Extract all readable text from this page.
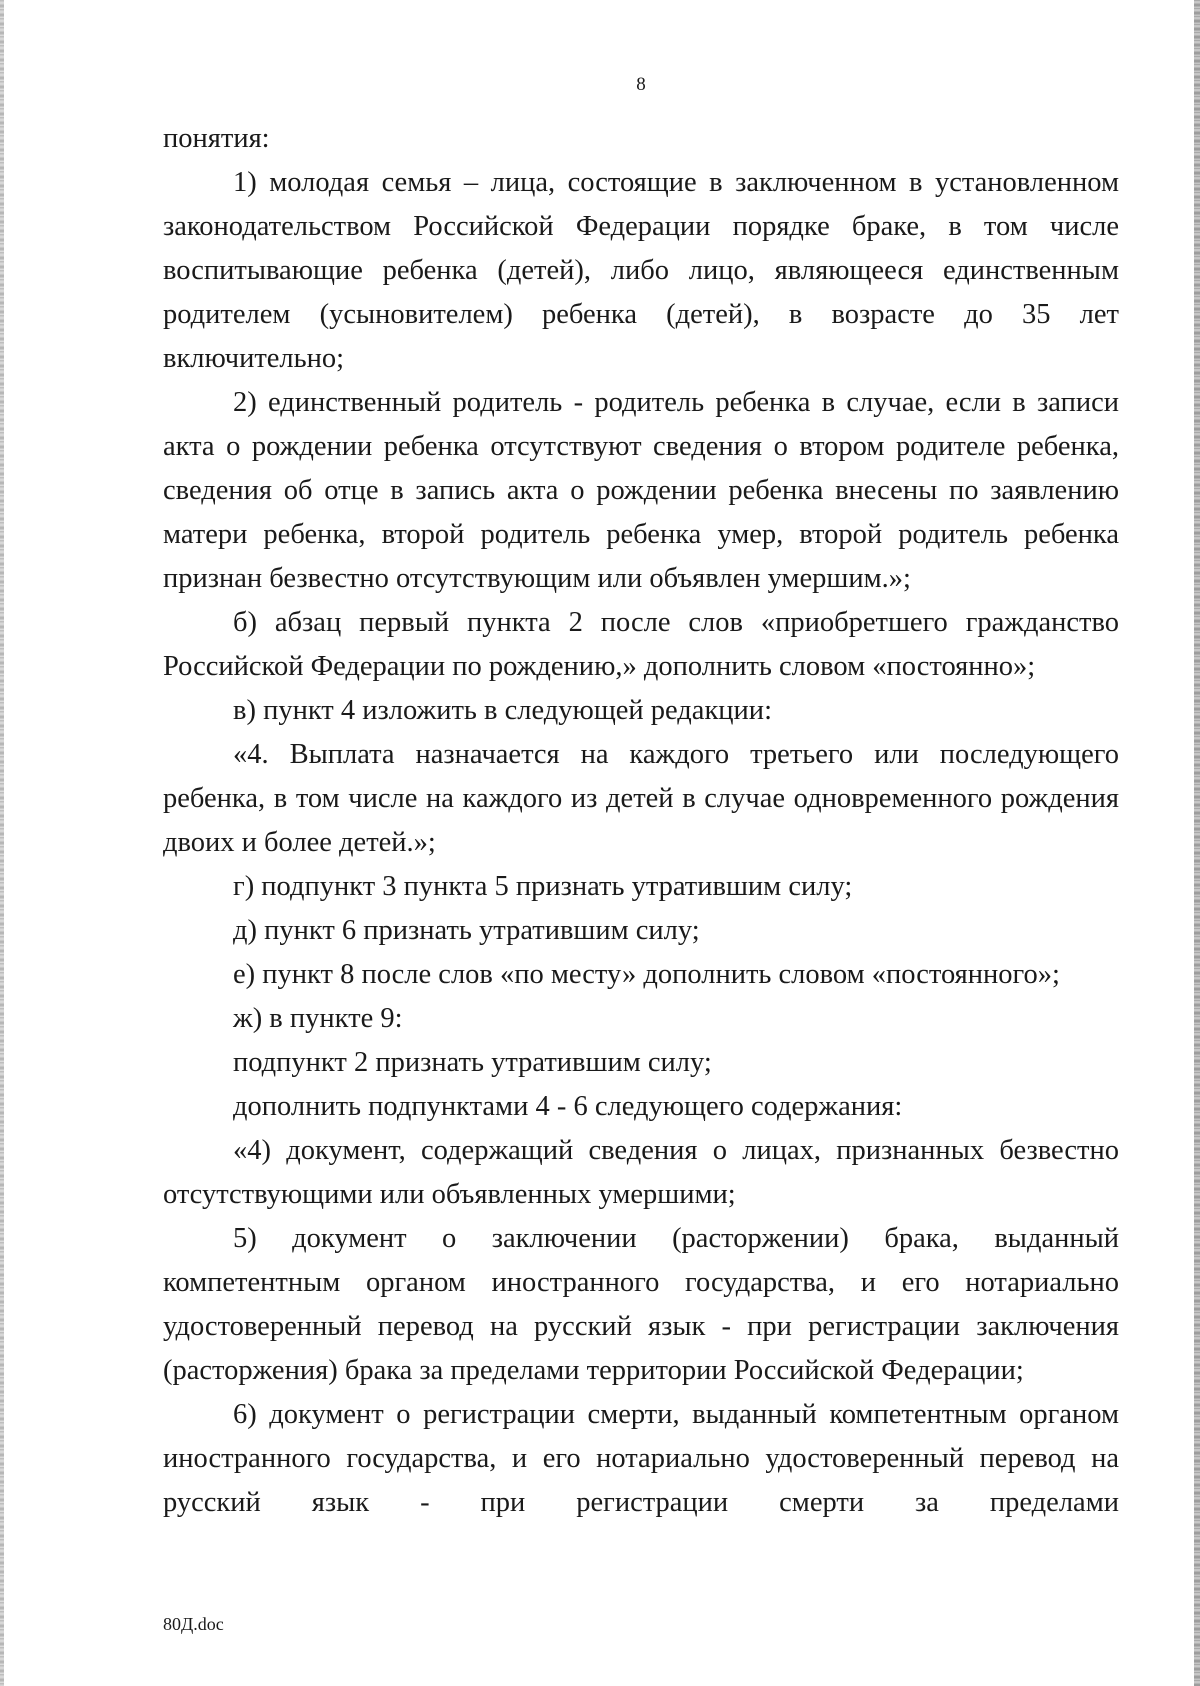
8

понятия:

1) молодая семья – лица, состоящие в заключенном в установленном законодательством Российской Федерации порядке браке, в том числе воспитывающие ребенка (детей), либо лицо, являющееся единственным родителем (усыновителем) ребенка (детей), в возрасте до 35 лет включительно;

2) единственный родитель - родитель ребенка в случае, если в записи акта о рождении ребенка отсутствуют сведения о втором родителе ребенка, сведения об отце в запись акта о рождении ребенка внесены по заявлению матери ребенка, второй родитель ребенка умер, второй родитель ребенка признан безвестно отсутствующим или объявлен умершим.»;

б) абзац первый пункта 2 после слов «приобретшего гражданство Российской Федерации по рождению,» дополнить словом «постоянно»;

в) пункт 4 изложить в следующей редакции:

«4. Выплата назначается на каждого третьего или последующего ребенка, в том числе на каждого из детей в случае одновременного рождения двоих и более детей.»;

г) подпункт 3 пункта 5 признать утратившим силу;

д) пункт 6 признать утратившим силу;

е) пункт 8 после слов «по месту» дополнить словом «постоянного»;

ж) в пункте 9:

подпункт 2 признать утратившим силу;

дополнить подпунктами 4 - 6 следующего содержания:

«4) документ, содержащий сведения о лицах, признанных безвестно отсутствующими или объявленных умершими;

5) документ о заключении (расторжении) брака, выданный компетентным органом иностранного государства, и его нотариально удостоверенный перевод на русский язык - при регистрации заключения (расторжения) брака за пределами территории Российской Федерации;

6) документ о регистрации смерти, выданный компетентным органом иностранного государства, и его нотариально удостоверенный перевод на русский язык - при регистрации смерти за пределами

80Д.doc
